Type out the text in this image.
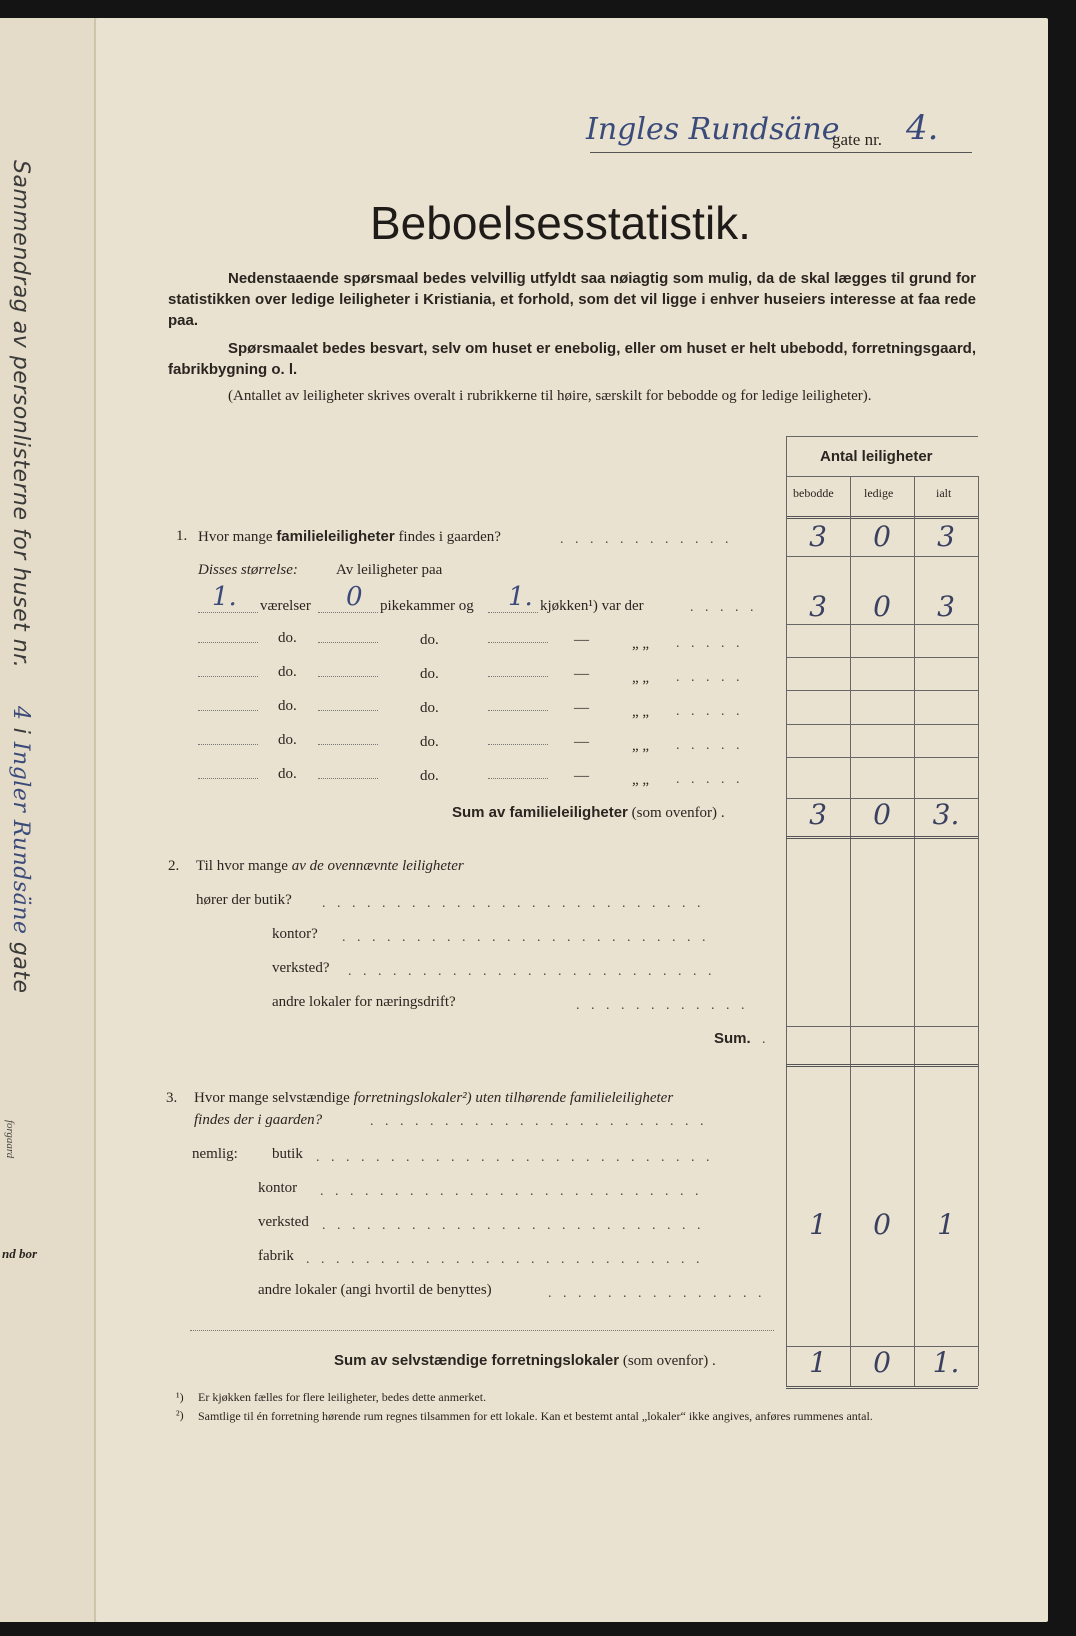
Sammendrag av personlisterne for huset nr. 4 i Ingler Rundsäne gate
forgaard
nd bor
Ingles Rundsäne
gate nr. 4.
Beboelsesstatistik.
Nedenstaaende spørsmaal bedes velvillig utfyldt saa nøiagtig som mulig, da de skal lægges til grund for statistikken over ledige leiligheter i Kristiania, et forhold, som det vil ligge i enhver huseiers interesse at faa rede paa.
Spørsmaalet bedes besvart, selv om huset er enebolig, eller om huset er helt ubebodd, forretningsgaard, fabrikbygning o. l.
(Antallet av leiligheter skrives overalt i rubrikkerne til høire, særskilt for bebodde og for ledige leiligheter).
Antal leiligheter
bebodde	ledige	ialt
1. Hvor mange familieleiligheter findes i gaarden?	. . . . . . . . . . . .	3	0	3
Disses størrelse:	Av leiligheter paa
1. værelser 0 pikekammer og 1. kjøkken¹) var der	. . . . .	3	0	3
do.	do.	—	„ „ . . . . .
do.	do.	—	„ „ . . . . .
do.	do.	—	„ „ . . . . .
do.	do.	—	„ „ . . . . .
do.	do.	—	„ „ . . . . .
Sum av familieleiligheter (som ovenfor) .	3	0	3.
2. Til hvor mange av de ovennævnte leiligheter
hører der butik? . . . . . . . . . . . . . . . . . . . . . . . . . .
kontor? . . . . . . . . . . . . . . . . . . . . . . . . .
verksted? . . . . . . . . . . . . . . . . . . . . . . . . .
andre lokaler for næringsdrift?	. . . . . . . . . . . .
Sum. .
3. Hvor mange selvstændige forretningslokaler²) uten tilhørende familieleiligheter
findes der i gaarden?	. . . . . . . . . . . . . . . . . . . . . . .
nemlig: butik . . . . . . . . . . . . . . . . . . . . . . . . . . .
kontor . . . . . . . . . . . . . . . . . . . . . . . . . .
verksted . . . . . . . . . . . . . . . . . . . . . . . . . .	1	0	1
fabrik . . . . . . . . . . . . . . . . . . . . . . . . . . .
andre lokaler (angi hvortil de benyttes)	. . . . . . . . . . . . . . .
Sum av selvstændige forretningslokaler (som ovenfor) .	1	0	1.
¹) Er kjøkken fælles for flere leiligheter, bedes dette anmerket.
²) Samtlige til én forretning hørende rum regnes tilsammen for ett lokale. Kan et bestemt antal „lokaler“ ikke angives, anføres rummenes antal.
